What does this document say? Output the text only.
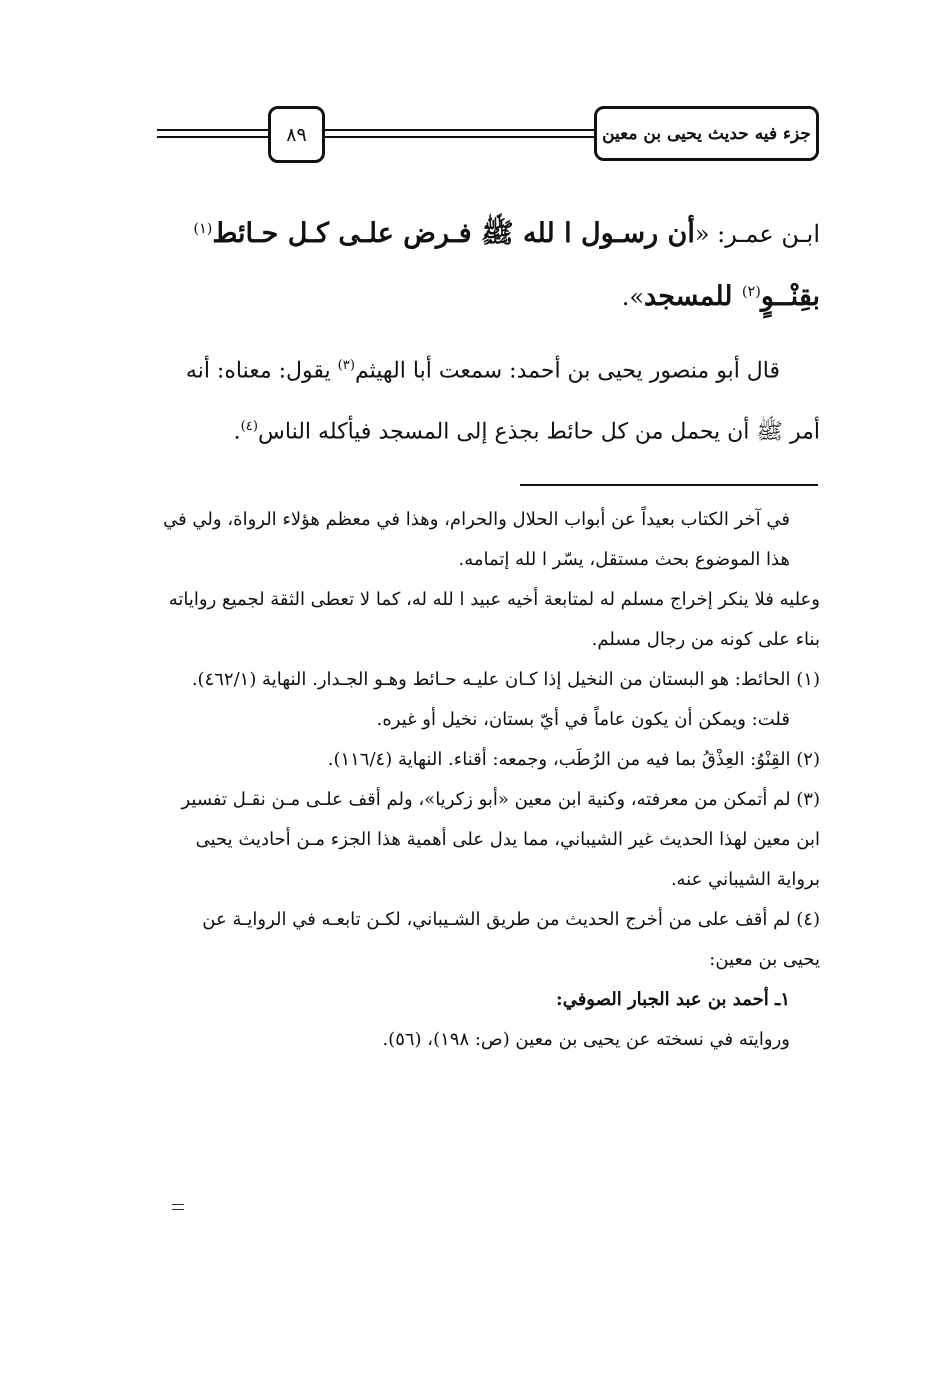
جزء فيه حديث يحيى بن معين
٨٩
ابـن عمـر: «أن رسـول ا لله ﷺ فـرض علـى كـل حـائط$^{(١)}$ بقِنْــوٍ$^{(٢)}$ للمسجد».
قال أبو منصور يحيى بن أحمد: سمعت أبا الهيثم$^{(٣)}$ يقول: معناه: أنه أمر ﷺ أن يحمل من كل حائط بجذع إلى المسجد فيأكله الناس$^{(٤)}$.

في آخر الكتاب بعيداً عن أبواب الحلال والحرام، وهذا في معظم هؤلاء الرواة، ولي في هذا الموضوع بحث مستقل، يسّر ا لله إتمامه.

وعليه فلا ينكر إخراج مسلم له لمتابعة أخيه عبيد ا لله له، كما لا تعطى الثقة لجميع رواياته بناء على كونه من رجال مسلم.

(١) الحائط: هو البستان من النخيل إذا كـان عليـه حـائط وهـو الجـدار. النهاية (٤٦٢/١).

قلت: ويمكن أن يكون عاماً في أيّ بستان، نخيل أو غيره.

(٢) القِنْوُ: العِذْقُ بما فيه من الرُطَب، وجمعه: أقناء. النهاية (١١٦/٤).

(٣) لم أتمكن من معرفته، وكنية ابن معين «أبو زكريا»، ولم أقف علـى مـن نقـل تفسير ابن معين لهذا الحديث غير الشيباني، مما يدل على أهمية هذا الجزء مـن أحاديث يحيى برواية الشيباني عنه.

(٤) لم أقف على من أخرج الحديث من طريق الشـيباني، لكـن تابعـه في الروايـة عن يحيى بن معين:

١ـ أحمد بن عبد الجبار الصوفي:

وروايته في نسخته عن يحيى بن معين (ص: ١٩٨)، (٥٦).
